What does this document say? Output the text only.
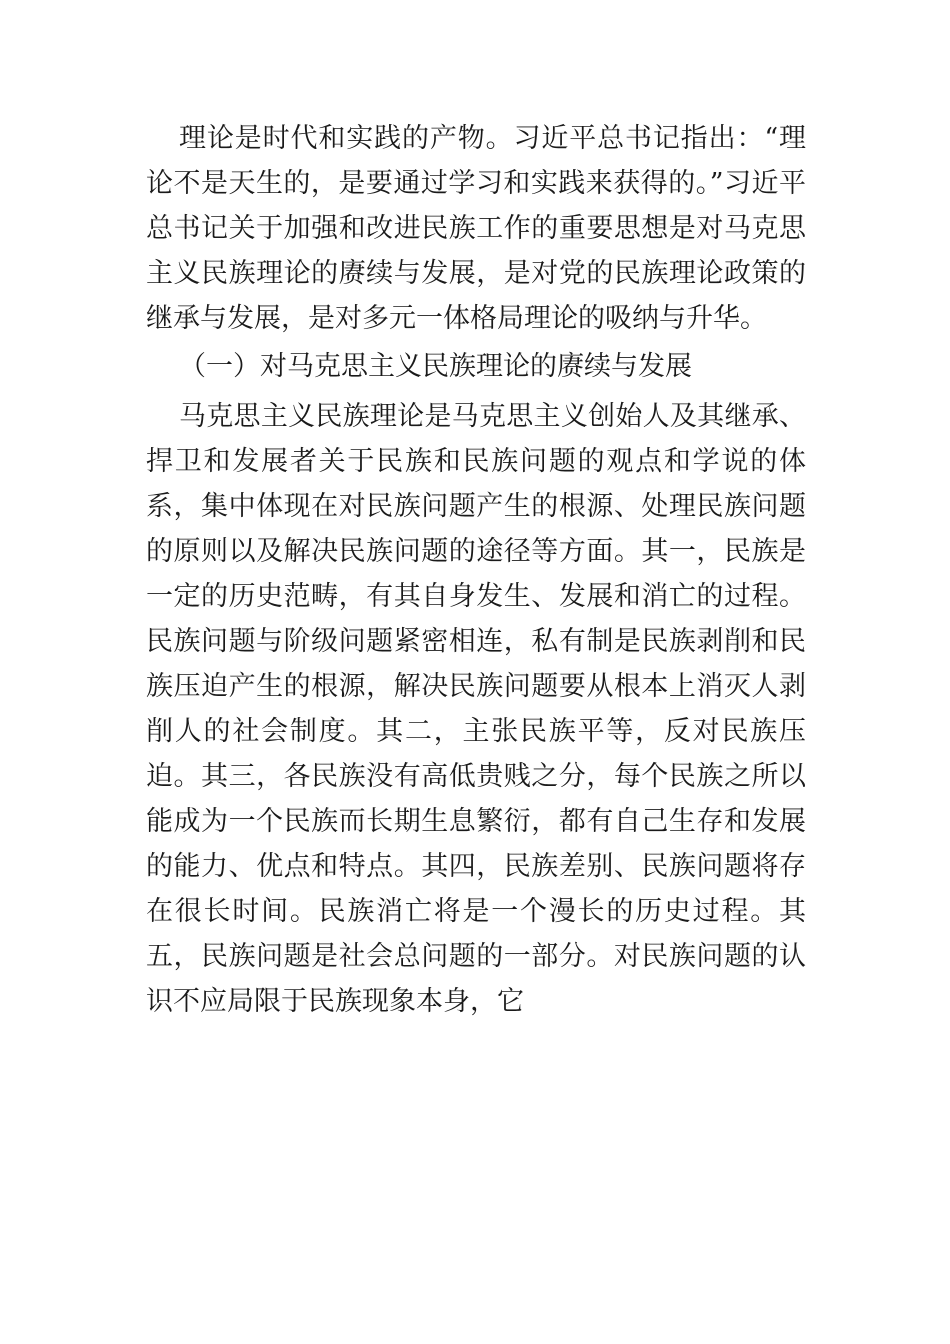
理论是时代和实践的产物。习近平总书记指出：“理论不是天生的，是要通过学习和实践来获得的。”习近平总书记关于加强和改进民族工作的重要思想是对马克思主义民族理论的赓续与发展，是对党的民族理论政策的继承与发展，是对多元一体格局理论的吸纳与升华。

（一）对马克思主义民族理论的赓续与发展

马克思主义民族理论是马克思主义创始人及其继承、捍卫和发展者关于民族和民族问题的观点和学说的体系，集中体现在对民族问题产生的根源、处理民族问题的原则以及解决民族问题的途径等方面。其一，民族是一定的历史范畴，有其自身发生、发展和消亡的过程。民族问题与阶级问题紧密相连，私有制是民族剥削和民族压迫产生的根源，解决民族问题要从根本上消灭人剥削人的社会制度。其二，主张民族平等，反对民族压迫。其三，各民族没有高低贵贱之分，每个民族之所以能成为一个民族而长期生息繁衍，都有自己生存和发展的能力、优点和特点。其四，民族差别、民族问题将存在很长时间。民族消亡将是一个漫长的历史过程。其五，民族问题是社会总问题的一部分。对民族问题的认识不应局限于民族现象本身，它
